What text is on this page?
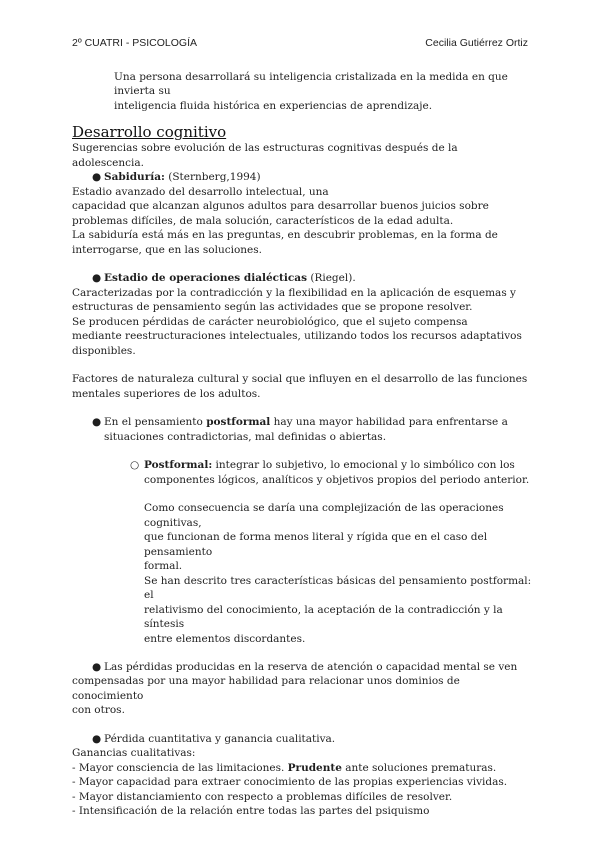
2º CUATRI - PSICOLOGÍA	Cecilia Gutiérrez Ortiz

Una persona desarrollará su inteligencia cristalizada en la medida en que invierta su

inteligencia fluida histórica en experiencias de aprendizaje.

Desarrollo cognitivo

Sugerencias sobre evolución de las estructuras cognitivas después de la adolescencia.

● Sabiduría: (Sternberg,1994)

Estadio avanzado del desarrollo intelectual, una

capacidad que alcanzan algunos adultos para desarrollar buenos juicios sobre

problemas difíciles, de mala solución, característicos de la edad adulta.

La sabiduría está más en las preguntas, en descubrir problemas, en la forma de

interrogarse, que en las soluciones.

● Estadio de operaciones dialécticas (Riegel).

Caracterizadas por la contradicción y la flexibilidad en la aplicación de esquemas y

estructuras de pensamiento según las actividades que se propone resolver.

Se producen pérdidas de carácter neurobiológico, que el sujeto compensa

mediante reestructuraciones intelectuales, utilizando todos los recursos adaptativos

disponibles.

Factores de naturaleza cultural y social que influyen en el desarrollo de las funciones

mentales superiores de los adultos.

● En el pensamiento postformal hay una mayor habilidad para enfrentarse a

situaciones contradictorias, mal definidas o abiertas.

○ Postformal: integrar lo subjetivo, lo emocional y lo simbólico con los

componentes lógicos, analíticos y objetivos propios del periodo anterior.

Como consecuencia se daría una complejización de las operaciones cognitivas,

que funcionan de forma menos literal y rígida que en el caso del pensamiento

formal.

Se han descrito tres características básicas del pensamiento postformal: el

relativismo del conocimiento, la aceptación de la contradicción y la síntesis

entre elementos discordantes.

● Las pérdidas producidas en la reserva de atención o capacidad mental se ven

compensadas por una mayor habilidad para relacionar unos dominios de conocimiento

con otros.

● Pérdida cuantitativa y ganancia cualitativa.

Ganancias cualitativas:

- Mayor consciencia de las limitaciones. Prudente ante soluciones prematuras.

- Mayor capacidad para extraer conocimiento de las propias experiencias vividas.

- Mayor distanciamiento con respecto a problemas difíciles de resolver.

- Intensificación de la relación entre todas las partes del psiquismo
